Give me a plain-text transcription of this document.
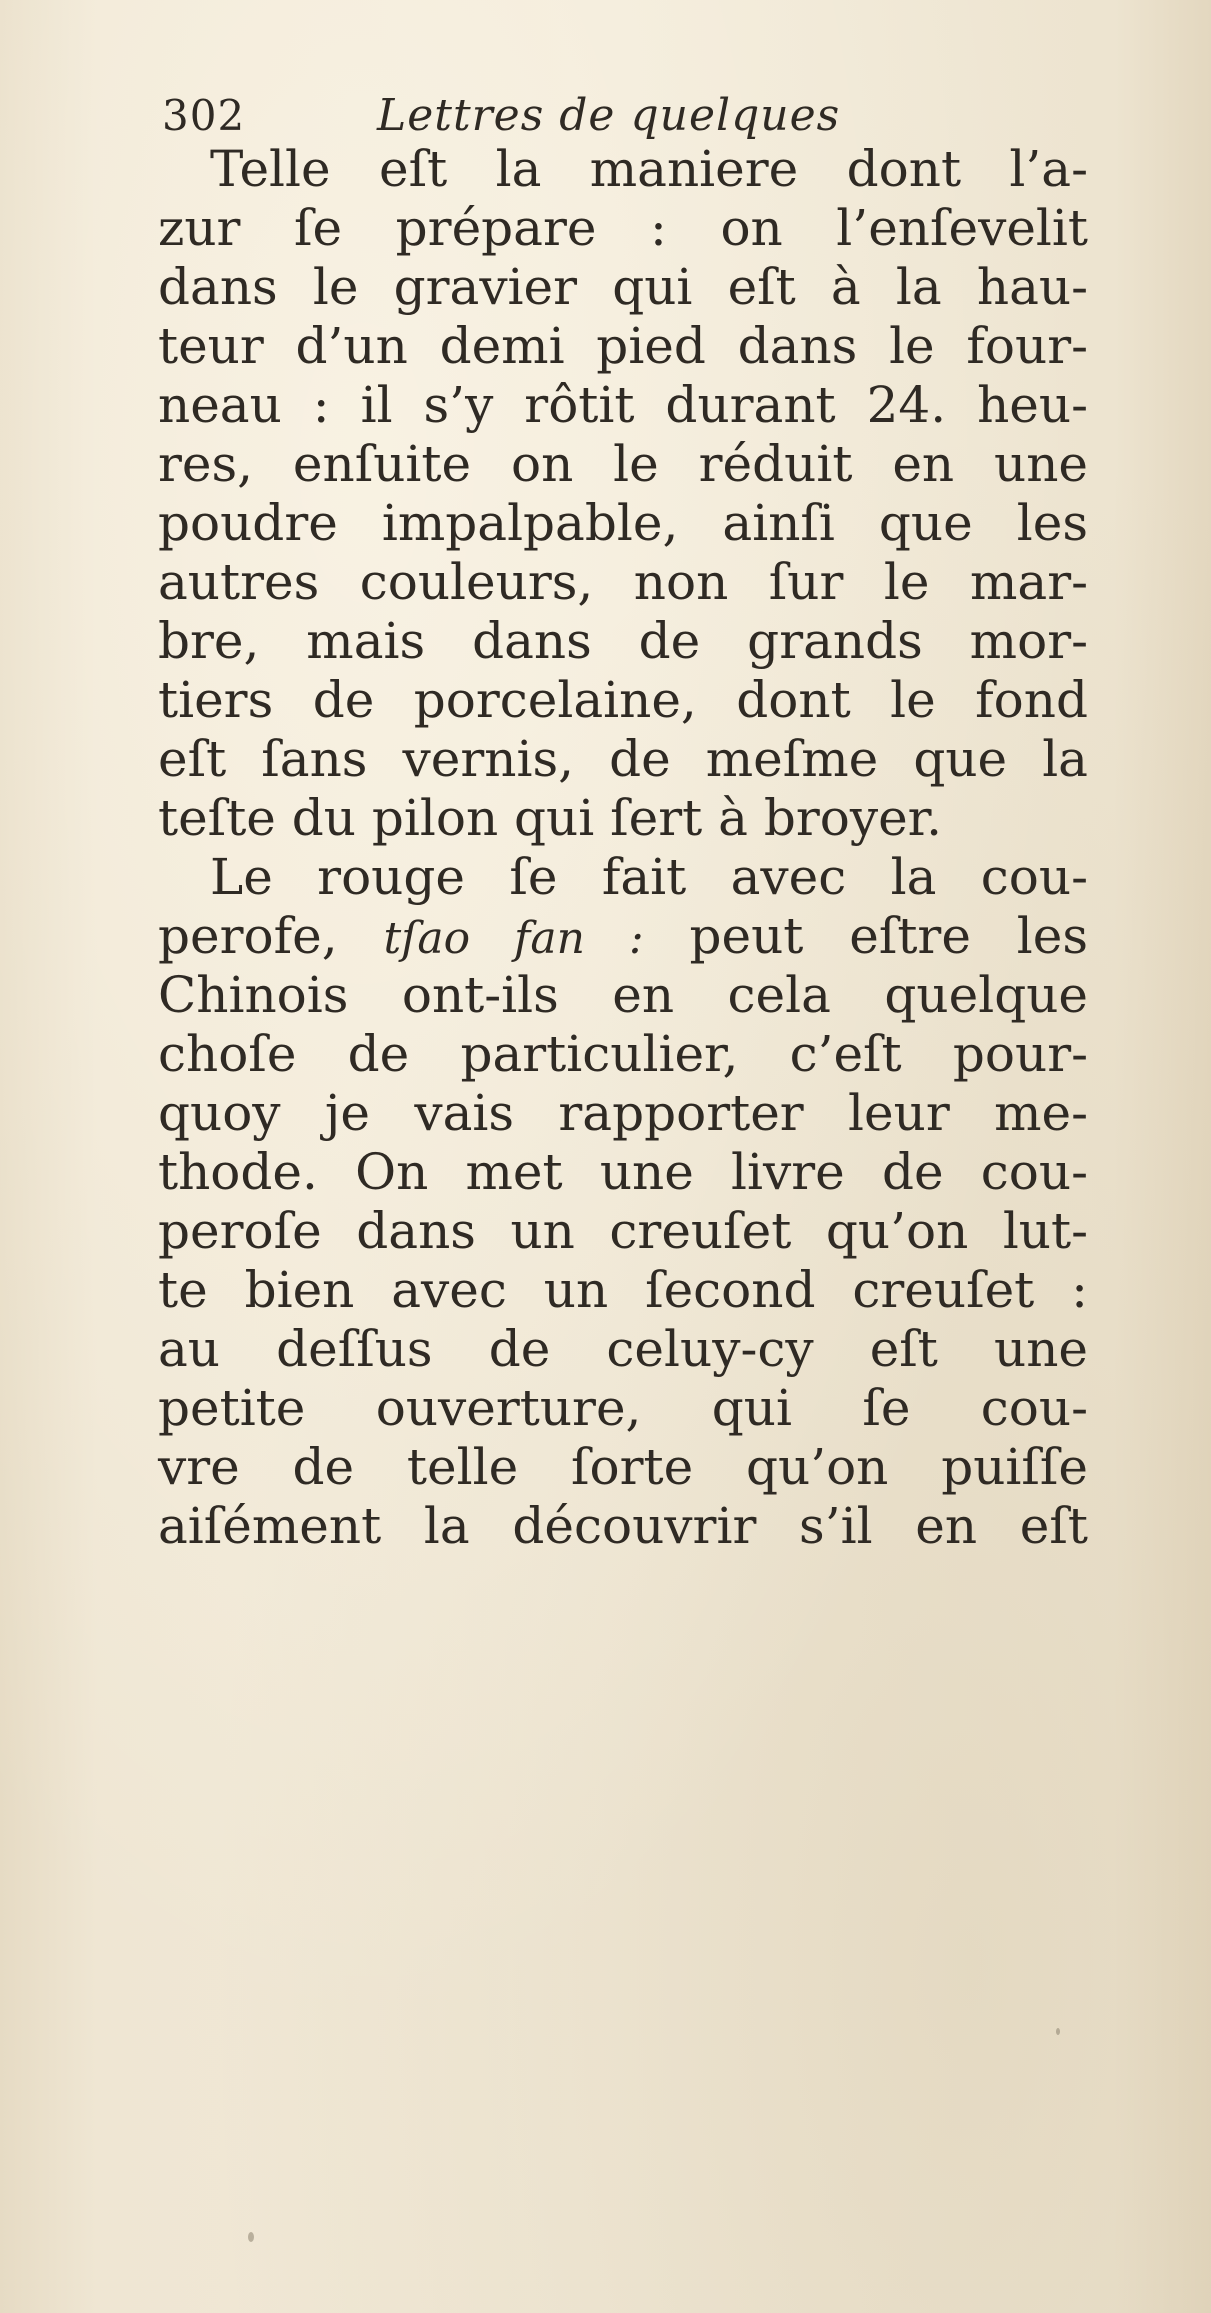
302	Lettres de quelques
Telle eſt la maniere dont l’a-
zur ſe prépare : on l’enſevelit
dans le gravier qui eſt à la hau-
teur d’un demi pied dans le four-
neau : il s’y rôtit durant 24. heu-
res, enſuite on le réduit en une
poudre impalpable, ainſi que les
autres couleurs, non ſur le mar-
bre, mais dans de grands mor-
tiers de porcelaine, dont le fond
eſt ſans vernis, de meſme que la
teſte du pilon qui ſert à broyer.
Le rouge ſe fait avec la cou-
perofe, tſao fan : peut eſtre les
Chinois ont-ils en cela quelque
choſe de particulier, c’eſt pour-
quoy je vais rapporter leur me-
thode. On met une livre de cou-
peroſe dans un creuſet qu’on lut-
te bien avec un ſecond creuſet :
au deſſus de celuy-cy eſt une
petite ouverture, qui ſe cou-
vre de telle ſorte qu’on puiſſe
aiſément la découvrir s’il en eſt
